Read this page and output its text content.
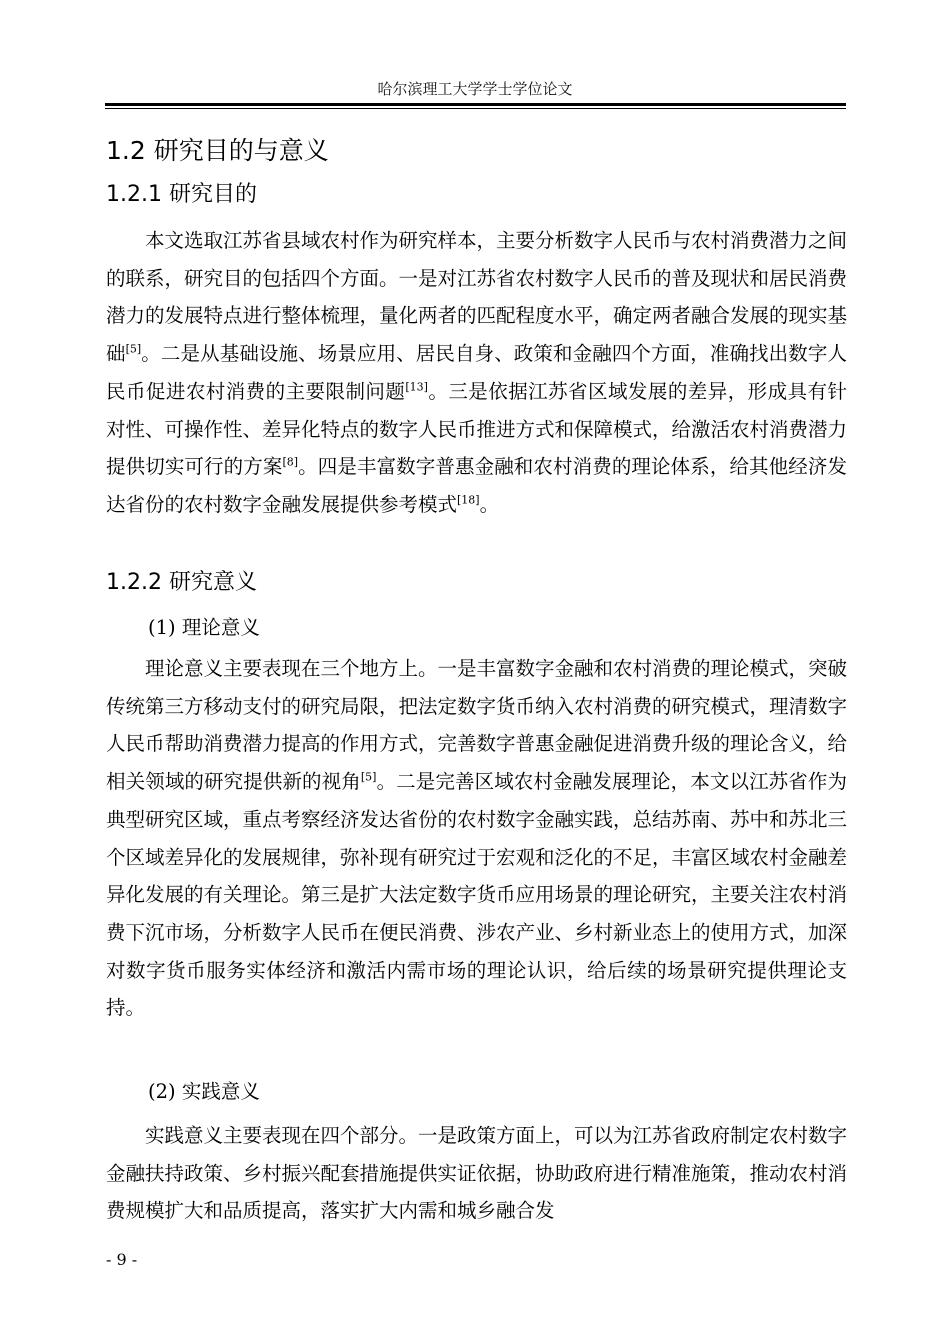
哈尔滨理工大学学士学位论文
1.2 研究目的与意义
1.2.1 研究目的

本文选取江苏省县域农村作为研究样本，主要分析数字人民币与农村消费潜力之间的联系，研究目的包括四个方面。一是对江苏省农村数字人民币的普及现状和居民消费潜力的发展特点进行整体梳理，量化两者的匹配程度水平，确定两者融合发展的现实基础[5]。二是从基础设施、场景应用、居民自身、政策和金融四个方面，准确找出数字人民币促进农村消费的主要限制问题[13]。三是依据江苏省区域发展的差异，形成具有针对性、可操作性、差异化特点的数字人民币推进方式和保障模式，给激活农村消费潜力提供切实可行的方案[8]。四是丰富数字普惠金融和农村消费的理论体系，给其他经济发达省份的农村数字金融发展提供参考模式[18]。

1.2.2 研究意义
(1) 理论意义

理论意义主要表现在三个地方上。一是丰富数字金融和农村消费的理论模式，突破传统第三方移动支付的研究局限，把法定数字货币纳入农村消费的研究模式，理清数字人民币帮助消费潜力提高的作用方式，完善数字普惠金融促进消费升级的理论含义，给相关领域的研究提供新的视角[5]。二是完善区域农村金融发展理论，本文以江苏省作为典型研究区域，重点考察经济发达省份的农村数字金融实践，总结苏南、苏中和苏北三个区域差异化的发展规律，弥补现有研究过于宏观和泛化的不足，丰富区域农村金融差异化发展的有关理论。第三是扩大法定数字货币应用场景的理论研究，主要关注农村消费下沉市场，分析数字人民币在便民消费、涉农产业、乡村新业态上的使用方式，加深对数字货币服务实体经济和激活内需市场的理论认识，给后续的场景研究提供理论支持。

(2) 实践意义

实践意义主要表现在四个部分。一是政策方面上，可以为江苏省政府制定农村数字金融扶持政策、乡村振兴配套措施提供实证依据，协助政府进行精准施策，推动农村消费规模扩大和品质提高，落实扩大内需和城乡融合发

- 9 -
